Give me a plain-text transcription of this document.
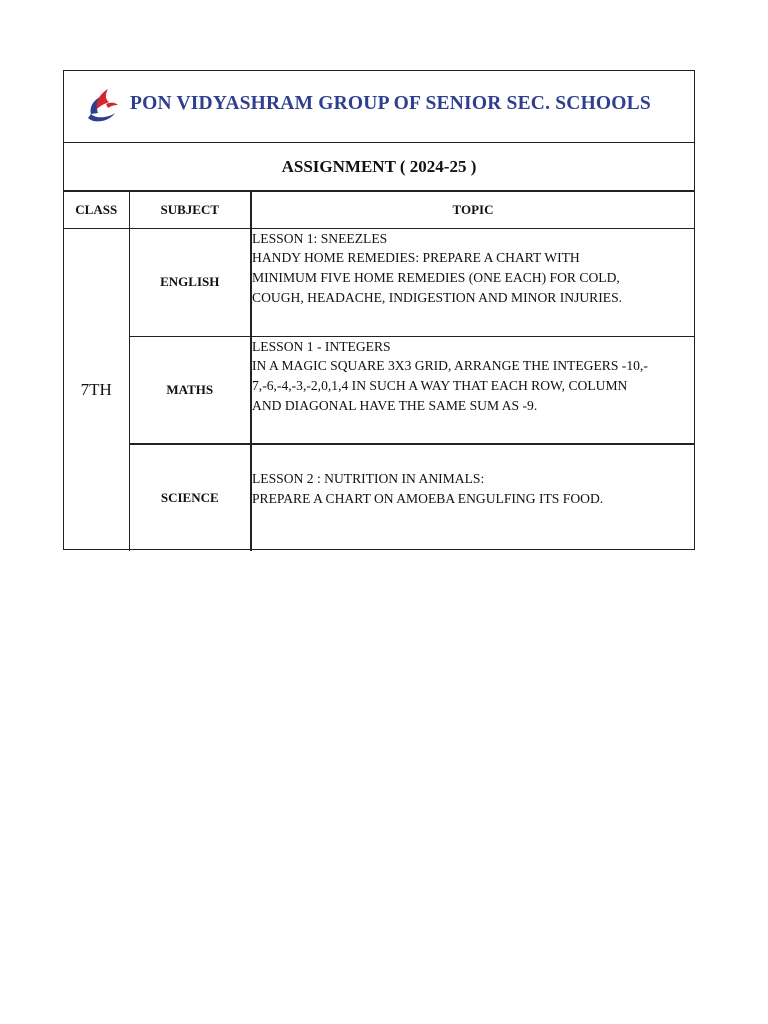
PON VIDYASHRAM GROUP OF SENIOR SEC. SCHOOLS
ASSIGNMENT ( 2024-25 )
CLASS	SUBJECT	TOPIC
7TH	ENGLISH	LESSON 1: SNEEZLES
HANDY HOME REMEDIES: PREPARE A CHART WITH
MINIMUM FIVE HOME REMEDIES (ONE EACH) FOR COLD,
COUGH, HEADACHE, INDIGESTION AND MINOR INJURIES.

	MATHS	LESSON 1 - INTEGERS
IN A MAGIC SQUARE 3X3 GRID, ARRANGE THE INTEGERS -10,-
7,-6,-4,-3,-2,0,1,4 IN SUCH A WAY THAT EACH ROW, COLUMN
AND DIAGONAL HAVE THE SAME SUM AS -9.

	SCIENCE	LESSON 2 : NUTRITION IN ANIMALS:
PREPARE A CHART ON AMOEBA ENGULFING ITS FOOD.
